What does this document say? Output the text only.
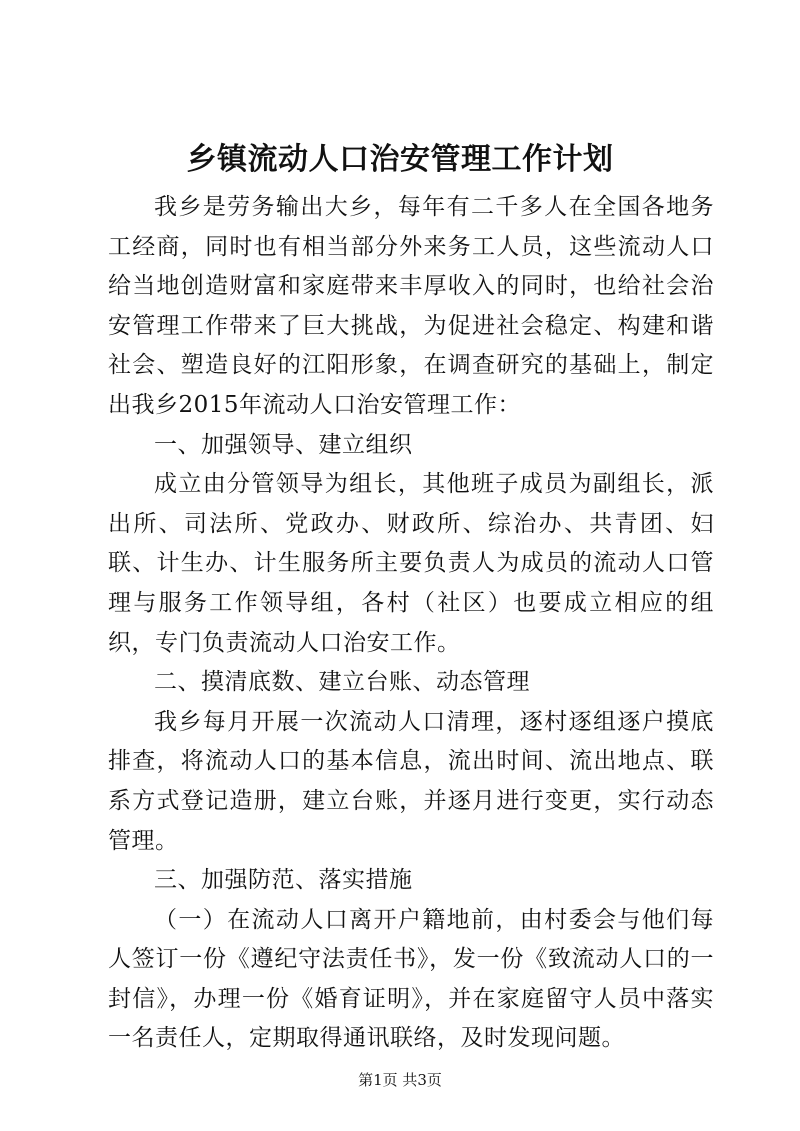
乡镇流动人口治安管理工作计划

我乡是劳务输出大乡，每年有二千多人在全国各地务工经商，同时也有相当部分外来务工人员，这些流动人口给当地创造财富和家庭带来丰厚收入的同时，也给社会治安管理工作带来了巨大挑战，为促进社会稳定、构建和谐社会、塑造良好的江阳形象，在调查研究的基础上，制定出我乡2015年流动人口治安管理工作：

一、加强领导、建立组织

成立由分管领导为组长，其他班子成员为副组长，派出所、司法所、党政办、财政所、综治办、共青团、妇联、计生办、计生服务所主要负责人为成员的流动人口管理与服务工作领导组，各村（社区）也要成立相应的组织，专门负责流动人口治安工作。

二、摸清底数、建立台账、动态管理

我乡每月开展一次流动人口清理，逐村逐组逐户摸底排查，将流动人口的基本信息，流出时间、流出地点、联系方式登记造册，建立台账，并逐月进行变更，实行动态管理。

三、加强防范、落实措施

（一）在流动人口离开户籍地前，由村委会与他们每人签订一份《遵纪守法责任书》，发一份《致流动人口的一封信》，办理一份《婚育证明》，并在家庭留守人员中落实一名责任人，定期取得通讯联络，及时发现问题。

第1页 共3页
